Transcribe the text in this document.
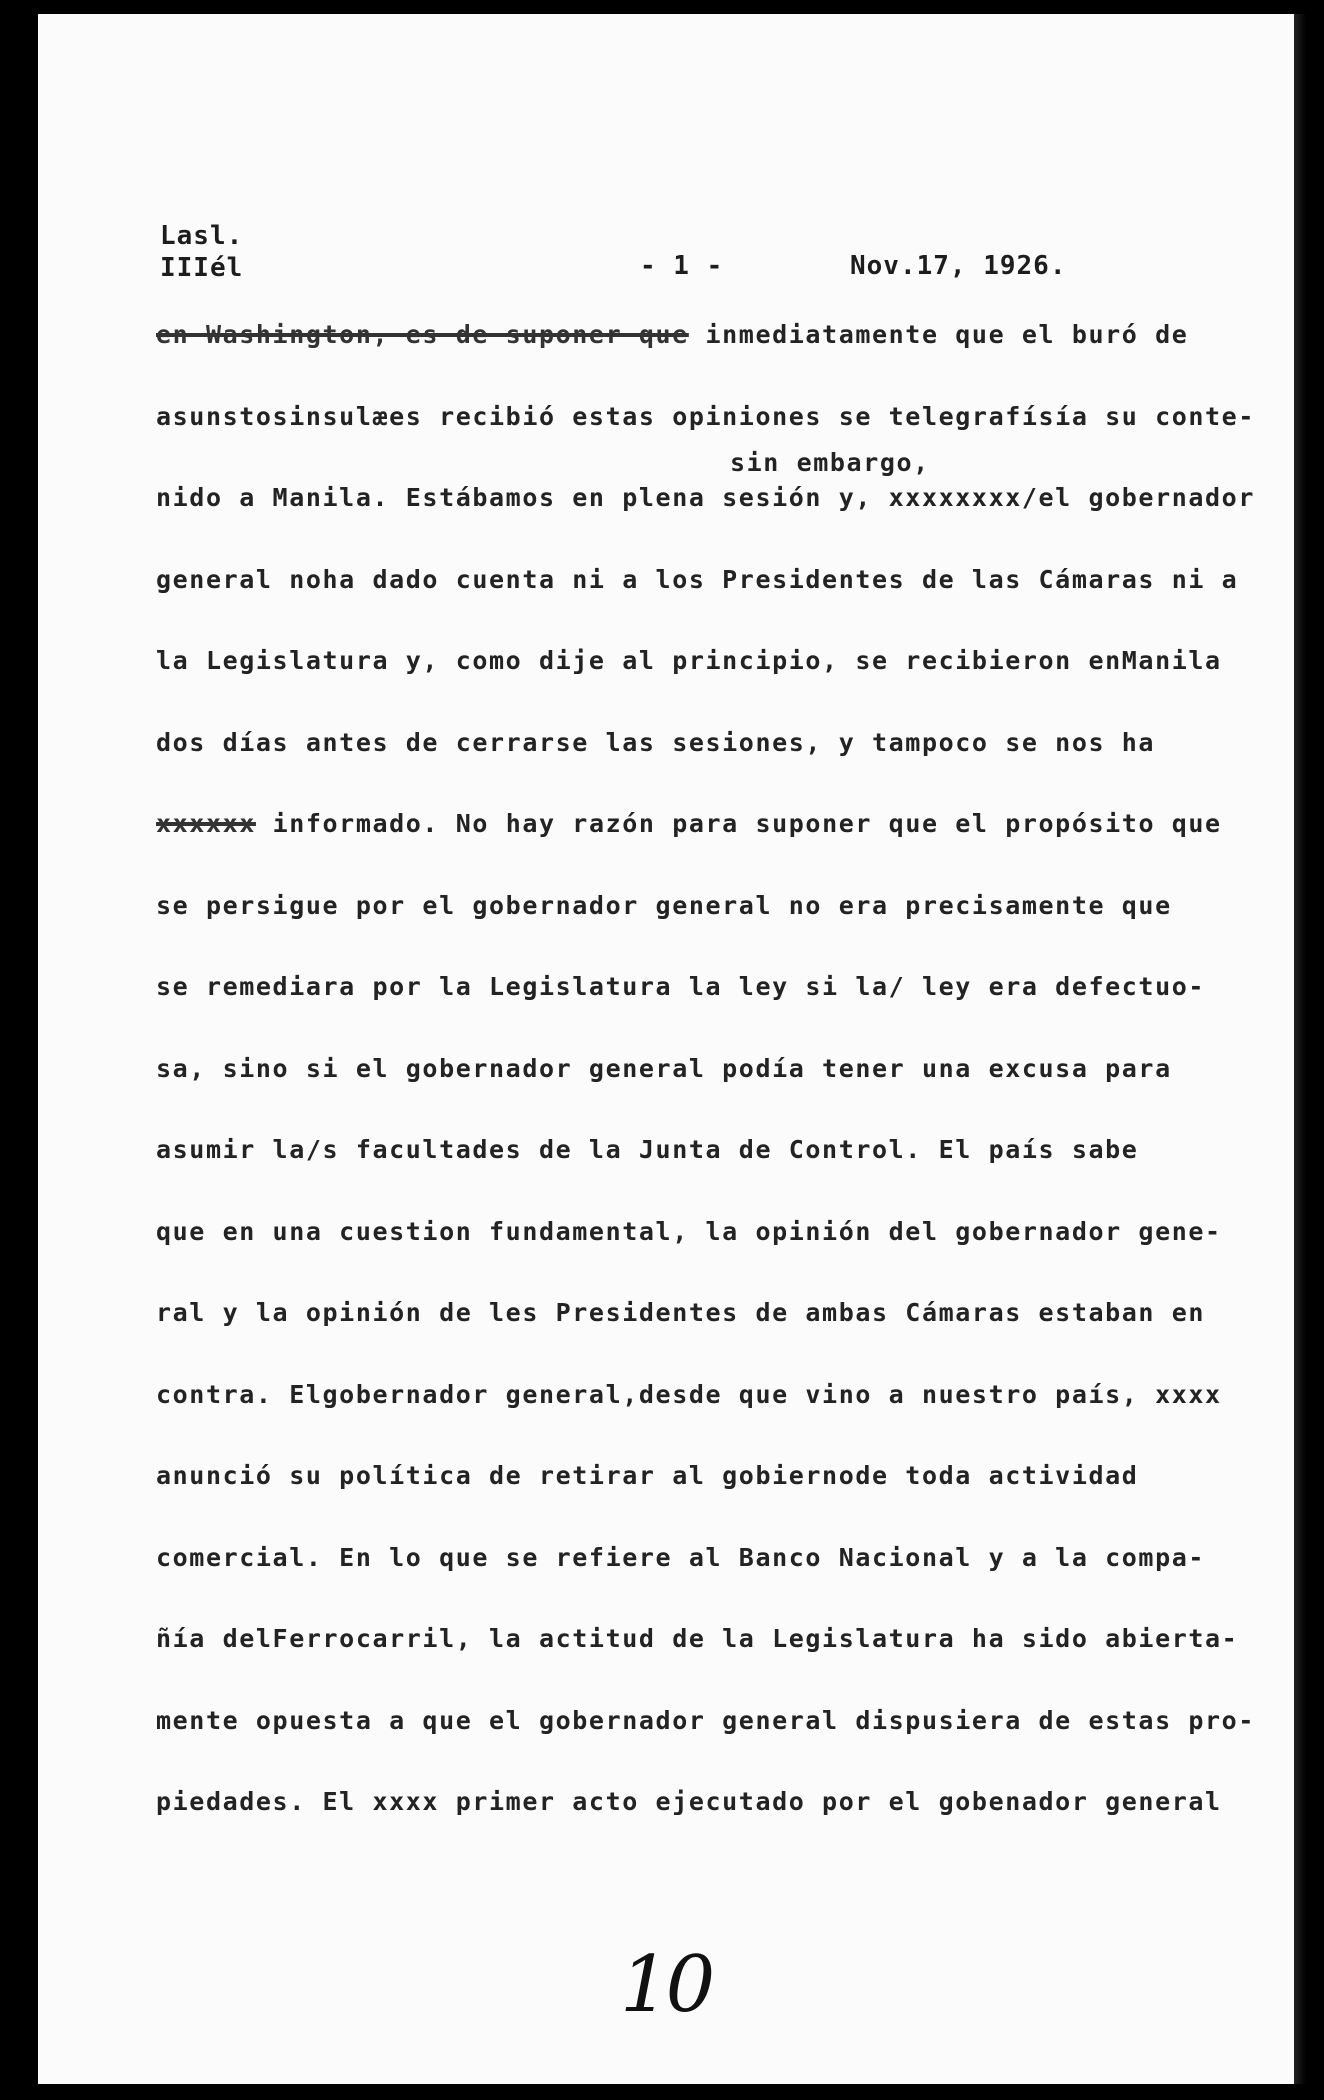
Lasl.
IIIél	- 1 -	Nov.17, 1926.
sin embargo,
en Washington, es de suponer que inmediatamente que el buró de
asunstosinsulæes recibió estas opiniones se telegrafísía su conte-
nido a Manila. Estábamos en plena sesión y, xxxxxxxx/el gobernador
general noha dado cuenta ni a los Presidentes de las Cámaras ni a
la Legislatura y, como dije al principio, se recibieron enManila
dos días antes de cerrarse las sesiones, y tampoco se nos ha
xxxxxx informado. No hay razón para suponer que el propósito que
se persigue por el gobernador general no era precisamente que
se remediara por la Legislatura la ley si la/ ley era defectuo-
sa, sino si el gobernador general podía tener una excusa para
asumir la/s facultades de la Junta de Control. El país sabe
que en una cuestion fundamental, la opinión del gobernador gene-
ral y la opinión de les Presidentes de ambas Cámaras estaban en
contra. Elgobernador general,desde que vino a nuestro país, xxxx
anunció su política de retirar al gobiernode toda actividad
comercial. En lo que se refiere al Banco Nacional y a la compa-
ñía delFerrocarril, la actitud de la Legislatura ha sido abierta-
mente opuesta a que el gobernador general dispusiera de estas pro-
piedades. El xxxx primer acto ejecutado por el gobenador general
10
